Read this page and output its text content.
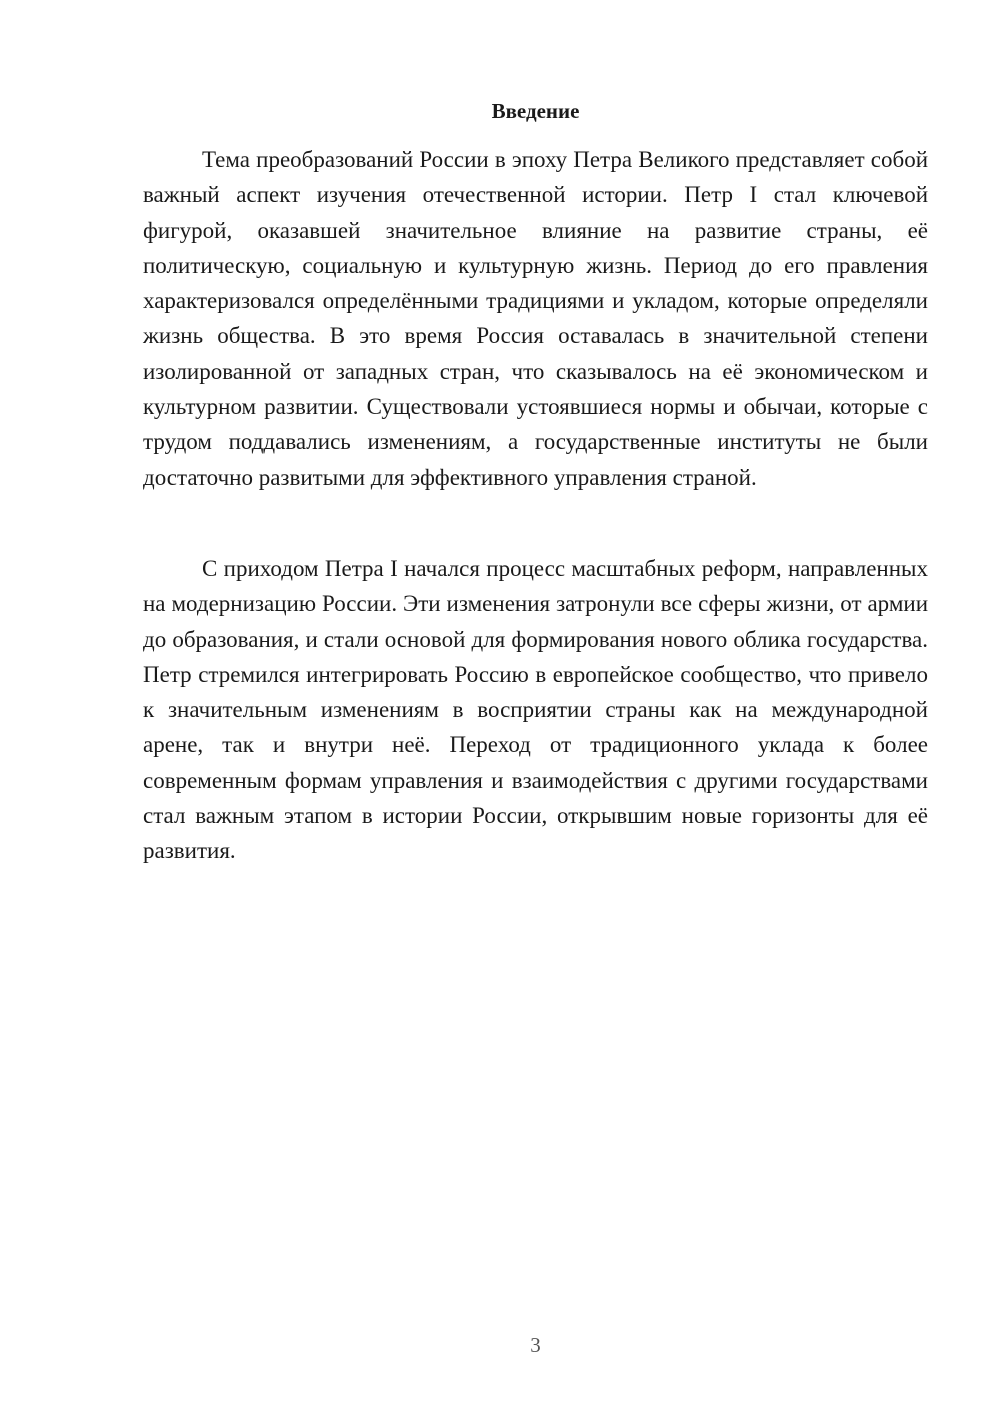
Введение

Тема преобразований России в эпоху Петра Великого представляет собой важный аспект изучения отечественной истории. Петр I стал ключевой фигурой, оказавшей значительное влияние на развитие страны, её политическую, социальную и культурную жизнь. Период до его правления характеризовался определёнными традициями и укладом, которые определяли жизнь общества. В это время Россия оставалась в значительной степени изолированной от западных стран, что сказывалось на её экономическом и культурном развитии. Существовали устоявшиеся нормы и обычаи, которые с трудом поддавались изменениям, а государственные институты не были достаточно развитыми для эффективного управления страной.

С приходом Петра I начался процесс масштабных реформ, направленных на модернизацию России. Эти изменения затронули все сферы жизни, от армии до образования, и стали основой для формирования нового облика государства. Петр стремился интегрировать Россию в европейское сообщество, что привело к значительным изменениям в восприятии страны как на международной арене, так и внутри неё. Переход от традиционного уклада к более современным формам управления и взаимодействия с другими государствами стал важным этапом в истории России, открывшим новые горизонты для её развития.

3
